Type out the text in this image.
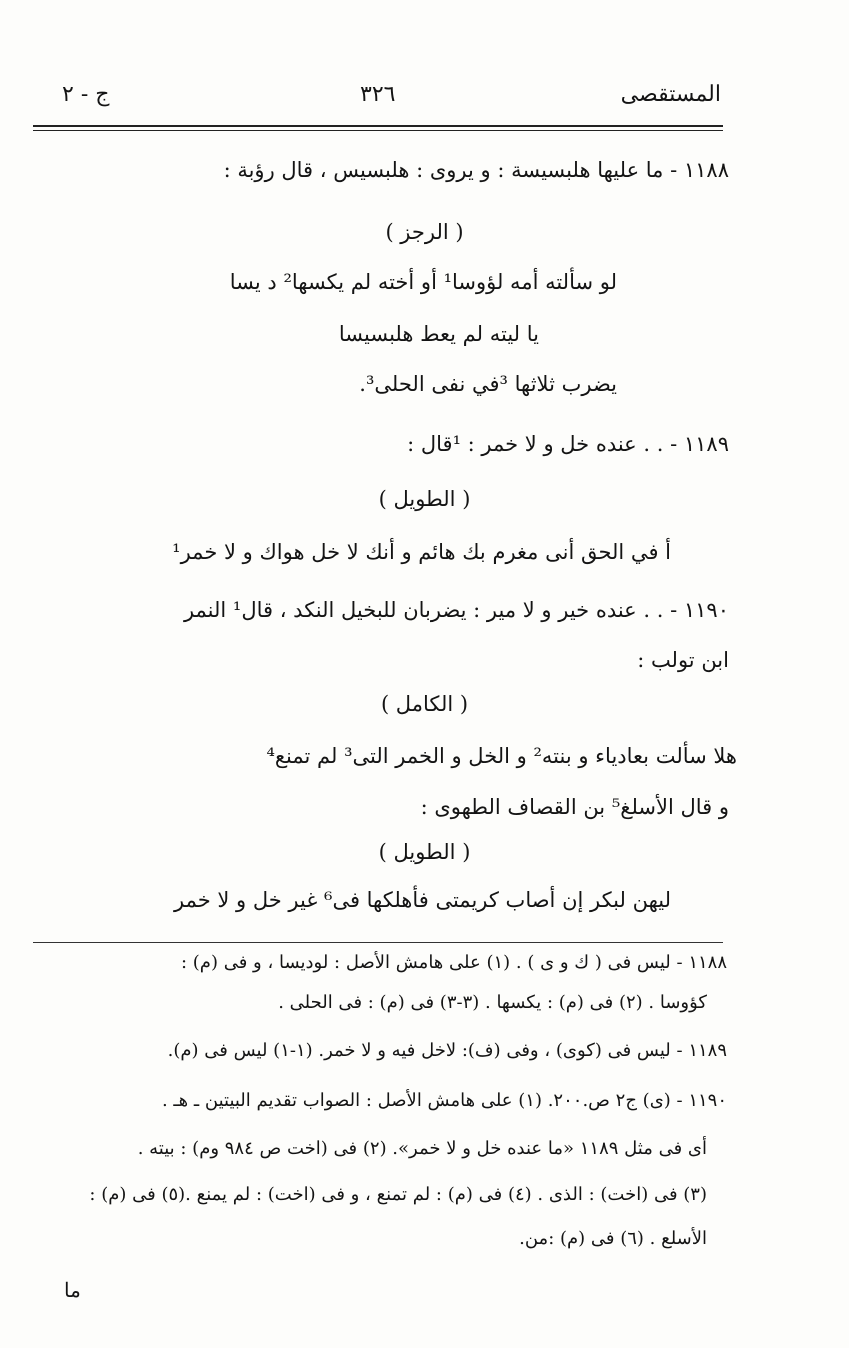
المستقصى
٣٢٦
ج - ٢
١١٨٨ - ما عليها هلبسيسة : و يروى : هلبسيس ، قال رؤبة :
( الرجز )
لو سألته أمه لؤوسا¹ أو أخته لم يكسها² د يسا
يا ليته لم يعط هلبسيسا
يضرب ثلاثها ³في نفى الحلى³.
١١٨٩ - . . عنده خل و لا خمر : ¹قال :
( الطويل )
أ في الحق أنى مغرم بك هائم و أنك لا خل هواك و لا خمر¹
١١٩٠ - . . عنده خير و لا مير : يضربان للبخيل النكد ، قال¹ النمر
ابن تولب :
( الكامل )
هلا سألت بعادياء و بنته² و الخل و الخمر التى³ لم تمنع⁴
و قال الأسلغ⁵ بن القصاف الطهوى :
( الطويل )
ليهن لبكر إن أصاب كريمتى فأهلكها فى⁶ غير خل و لا خمر
١١٨٨ - ليس فى ( ك و ى ) . (١) على هامش الأصل : لوديسا ، و فى (م) :
كؤوسا . (٢) فى (م) : يكسها . (٣-٣) فى (م) : فى الحلى .
١١٨٩ - ليس فى (كوى) ، وفى (ف): لاخل فيه و لا خمر. (١-١) ليس فى (م).
١١٩٠ - (ى) ج٢ ص.٢٠٠. (١) على هامش الأصل : الصواب تقديم البيتين ـ هـ .
أى فى مثل ١١٨٩ «ما عنده خل و لا خمر». (٢) فى (اخت ص ٩٨٤ وم) : بيته .
(٣) فى (اخت) : الذى . (٤) فى (م) : لم تمنع ، و فى (اخت) : لم يمنع .(٥) فى (م) :
الأسلع . (٦) فى (م) :من.
ما
